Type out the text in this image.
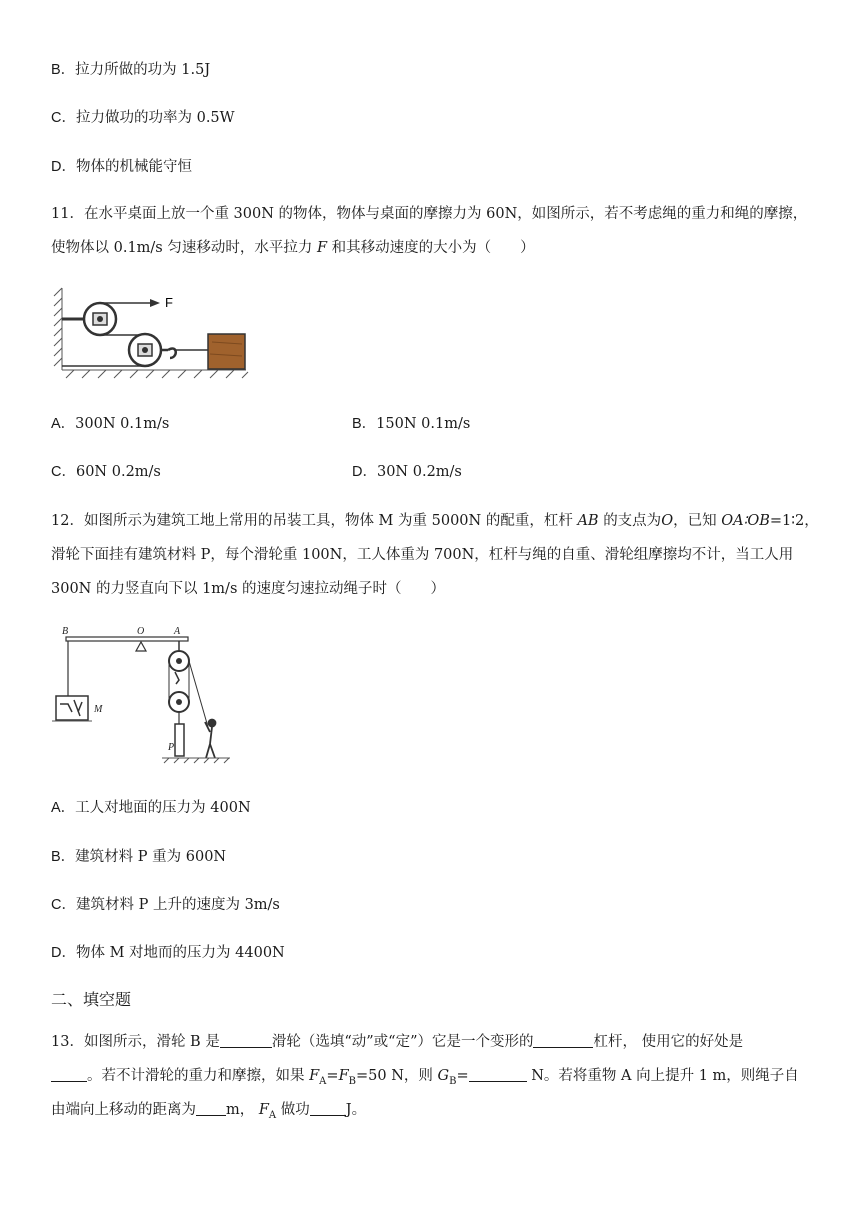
B．拉力所做的功为 1.5J
C．拉力做功的功率为 0.5W
D．物体的机械能守恒
11．在水平桌面上放一个重 300N 的物体，物体与桌面的摩擦力为 60N，如图所示，若不考虑绳的重力和绳的摩擦，
使物体以 0.1m/s 匀速移动时，水平拉力 F 和其移动速度的大小为（　　）
F
A．300N 0.1m/s	B．150N 0.1m/s
C．60N 0.2m/s	D．30N 0.2m/s
12．如图所示为建筑工地上常用的吊装工具，物体 M 为重 5000N 的配重，杠杆 AB 的支点为O，已知 OA∶OB=1∶2，
滑轮下面挂有建筑材料 P，每个滑轮重 100N，工人体重为 700N，杠杆与绳的自重、滑轮组摩擦均不计，当工人用
300N 的力竖直向下以 1m/s 的速度匀速拉动绳子时（　　）
B	O	A
M
P
A．工人对地面的压力为 400N
B．建筑材料 P 重为 600N
C．建筑材料 P 上升的速度为 3m/s
D．物体 M 对地而的压力为 4400N
二、填空题
13．如图所示，滑轮 B 是	滑轮（选填“动”或“定”）它是一个变形的	杠杆， 使用它的好处是
。若不计滑轮的重力和摩擦，如果 $F_A=F_B=50$ N，则 $G_B=$	N。若将重物 A 向上提升 1 m，则绳子自
由端向上移动的距离为 m， $F_A$ 做功 J。
